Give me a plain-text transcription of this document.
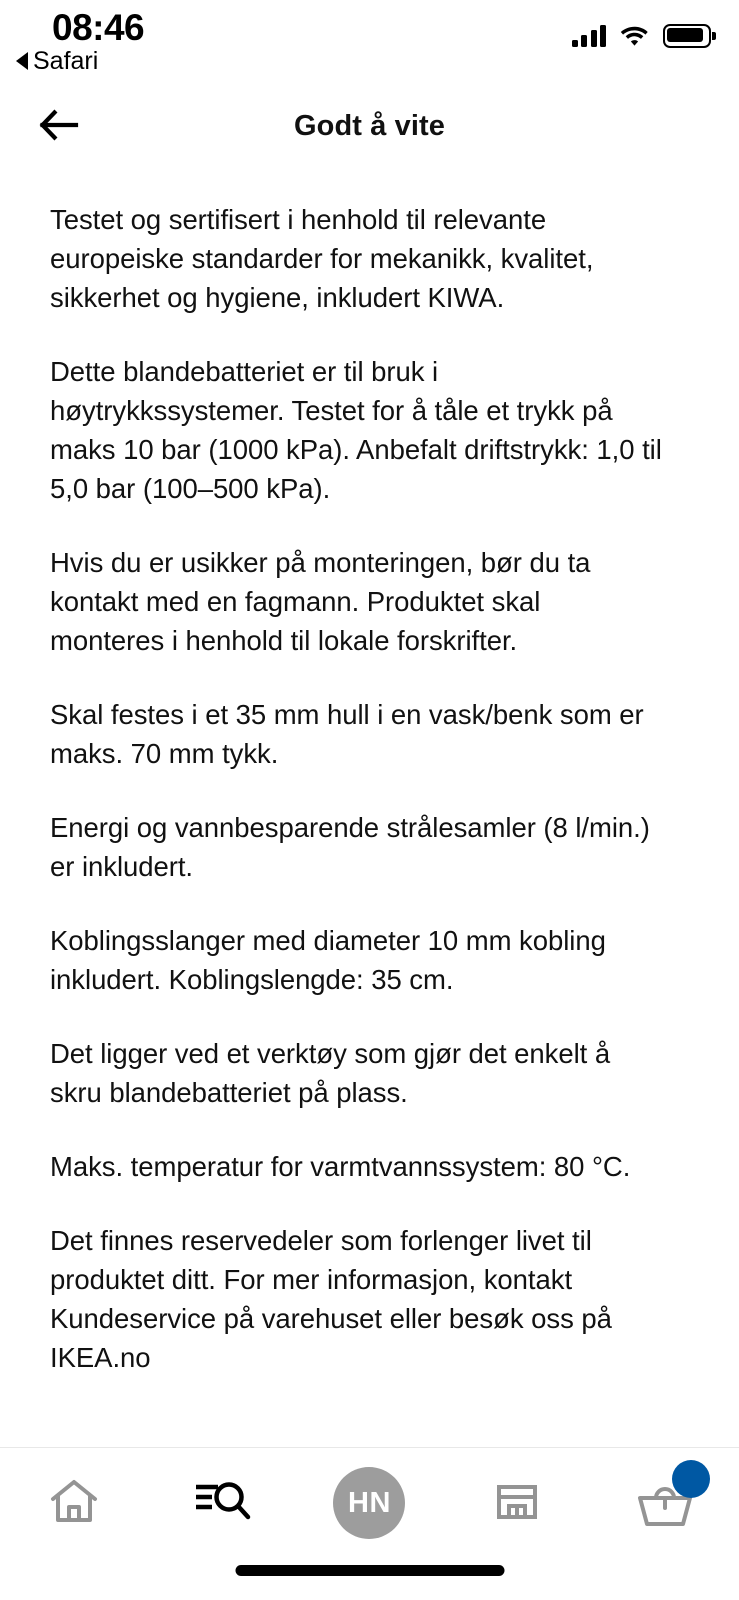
08:46
Safari
Godt å vite

Testet og sertifisert i henhold til relevante europeiske standarder for mekanikk, kvalitet, sikkerhet og hygiene, inkludert KIWA.

Dette blandebatteriet er til bruk i høytrykkssystemer. Testet for å tåle et trykk på maks 10 bar (1000 kPa). Anbefalt driftstrykk: 1,0 til 5,0 bar (100–500 kPa).

Hvis du er usikker på monteringen, bør du ta kontakt med en fagmann. Produktet skal monteres i henhold til lokale forskrifter.

Skal festes i et 35 mm hull i en vask/benk som er maks. 70 mm tykk.

Energi og vannbesparende strålesamler (8 l/min.) er inkludert.

Koblingsslanger med diameter 10 mm kobling inkludert. Koblingslengde: 35 cm.

Det ligger ved et verktøy som gjør det enkelt å skru blandebatteriet på plass.

Maks. temperatur for varmtvannssystem: 80 °C.

Det finnes reservedeler som forlenger livet til produktet ditt. For mer informasjon, kontakt Kundeservice på varehuset eller besøk oss på IKEA.no

HN
